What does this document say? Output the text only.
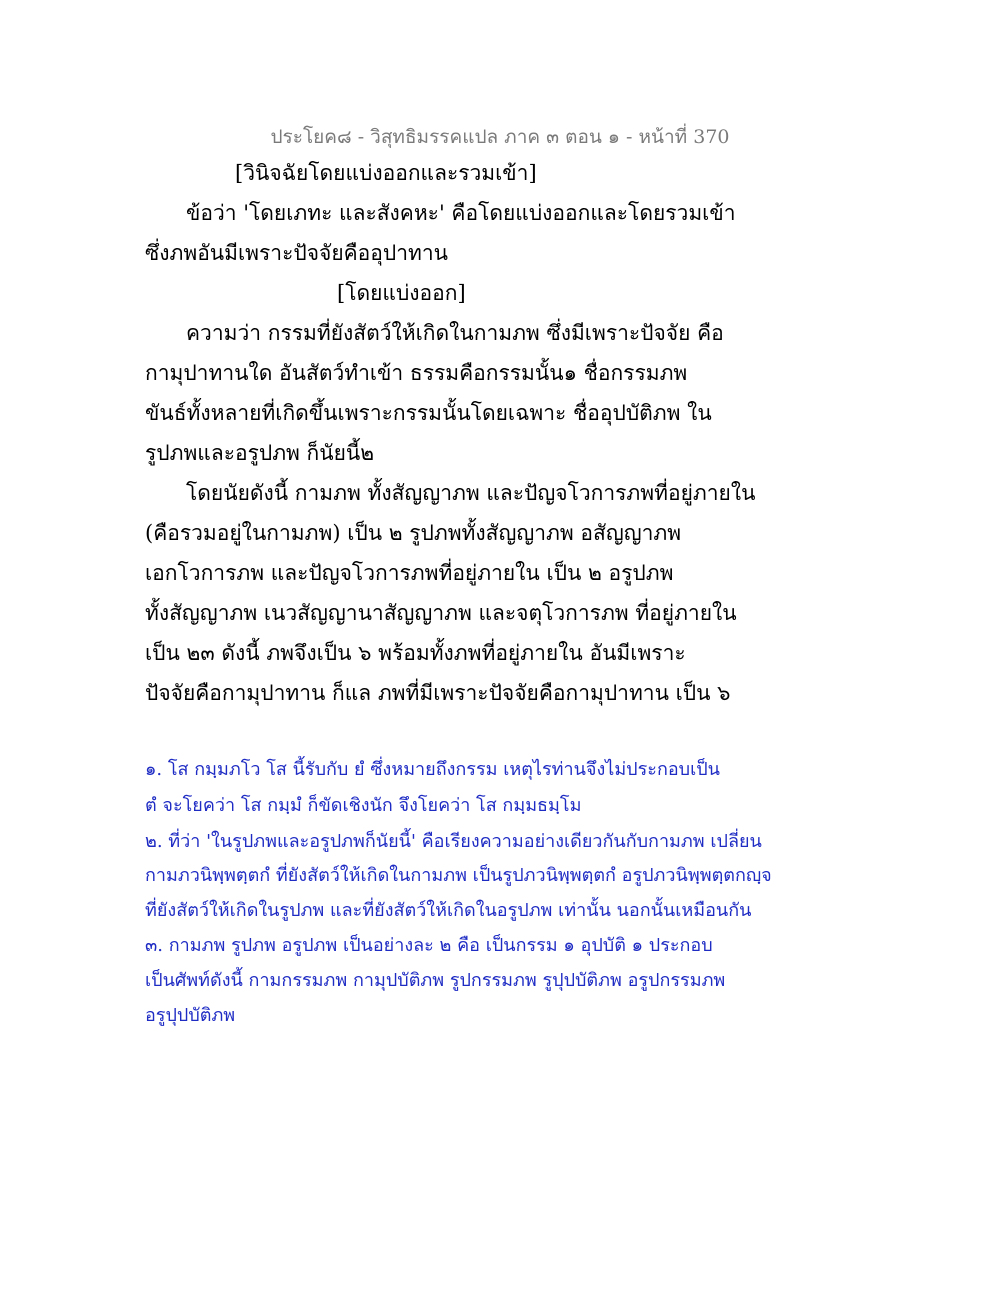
ประโยค๘ - วิสุทธิมรรคแปล ภาค ๓ ตอน ๑ - หน้าที่ 370
[วินิจฉัยโดยแบ่งออกและรวมเข้า]
ข้อว่า 'โดยเภทะ และสังคหะ' คือโดยแบ่งออกและโดยรวมเข้า
ซึ่งภพอันมีเพราะปัจจัยคืออุปาทาน
[โดยแบ่งออก]
ความว่า กรรมที่ยังสัตว์ให้เกิดในกามภพ ซึ่งมีเพราะปัจจัย คือ
กามุปาทานใด อันสัตว์ทำเข้า ธรรมคือกรรมนั้น๑ ชื่อกรรมภพ
ขันธ์ทั้งหลายที่เกิดขึ้นเพราะกรรมนั้นโดยเฉพาะ ชื่ออุปบัติภพ ใน
รูปภพและอรูปภพ ก็นัยนี้๒
โดยนัยดังนี้ กามภพ ทั้งสัญญาภพ และปัญจโวการภพที่อยู่ภายใน
(คือรวมอยู่ในกามภพ) เป็น ๒ รูปภพทั้งสัญญาภพ อสัญญาภพ
เอกโวการภพ และปัญจโวการภพที่อยู่ภายใน เป็น ๒ อรูปภพ
ทั้งสัญญาภพ เนวสัญญานาสัญญาภพ และจตุโวการภพ ที่อยู่ภายใน
เป็น ๒๓ ดังนี้ ภพจึงเป็น ๖ พร้อมทั้งภพที่อยู่ภายใน อันมีเพราะ
ปัจจัยคือกามุปาทาน ก็แล ภพที่มีเพราะปัจจัยคือกามุปาทาน เป็น ๖
๑. โส กมฺมภโว โส นี้รับกับ ยํ ซึ่งหมายถึงกรรม เหตุไรท่านจึงไม่ประกอบเป็น
ตํ จะโยคว่า โส กมฺมํ ก็ขัดเชิงนัก จึงโยคว่า โส กมฺมธมฺโม
๒. ที่ว่า 'ในรูปภพและอรูปภพก็นัยนี้' คือเรียงความอย่างเดียวกันกับกามภพ เปลี่ยน
กามภวนิพฺพตฺตกํ ที่ยังสัตว์ให้เกิดในกามภพ เป็นรูปภวนิพฺพตฺตกํ อรูปภวนิพฺพตฺตกญฺจ
ที่ยังสัตว์ให้เกิดในรูปภพ และที่ยังสัตว์ให้เกิดในอรูปภพ เท่านั้น นอกนั้นเหมือนกัน
๓. กามภพ รูปภพ อรูปภพ เป็นอย่างละ ๒ คือ เป็นกรรม ๑ อุปบัติ ๑ ประกอบ
เป็นศัพท์ดังนี้ กามกรรมภพ กามุปบัติภพ รูปกรรมภพ รูปุปบัติภพ อรูปกรรมภพ
อรูปุปบัติภพ
